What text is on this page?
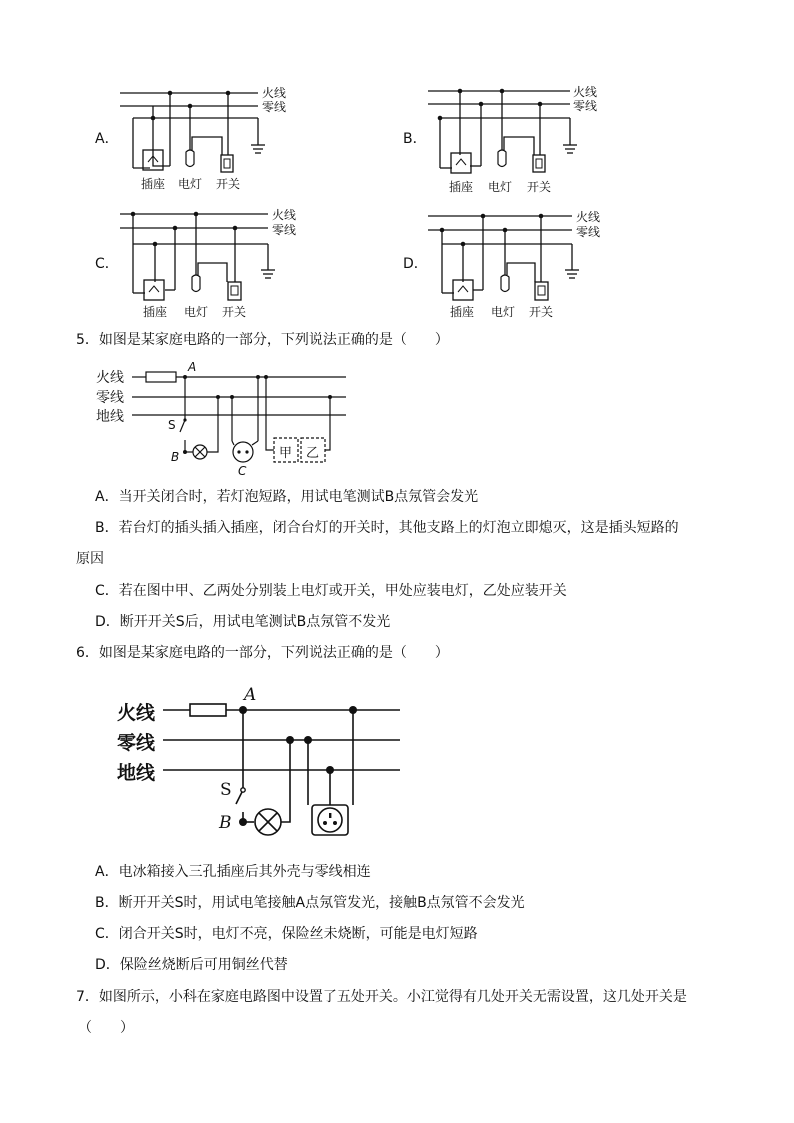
A．
火线
零线
插座 电灯 开关
B．
火线
零线
插座 电灯 开关
C．
火线
零线
插座 电灯 开关
D．
火线
零线
插座 电灯 开关
5．如图是某家庭电路的一部分，下列说法正确的是（　　）
火线
零线
地线
A
S
B
C
甲 乙
A．当开关闭合时，若灯泡短路，用试电笔测试B点氖管会发光
B．若台灯的插头插入插座，闭合台灯的开关时，其他支路上的灯泡立即熄灭，这是插头短路的
原因
C．若在图中甲、乙两处分别装上电灯或开关，甲处应装电灯，乙处应装开关
D．断开开关S后，用试电笔测试B点氖管不发光
6．如图是某家庭电路的一部分，下列说法正确的是（　　）
火线
零线
地线
A
S
B
A．电冰箱接入三孔插座后其外壳与零线相连
B．断开开关S时，用试电笔接触A点氖管发光，接触B点氖管不会发光
C．闭合开关S时，电灯不亮，保险丝未烧断，可能是电灯短路
D．保险丝烧断后可用铜丝代替
7．如图所示，小科在家庭电路图中设置了五处开关。小江觉得有几处开关无需设置，这几处开关是
（　　）
